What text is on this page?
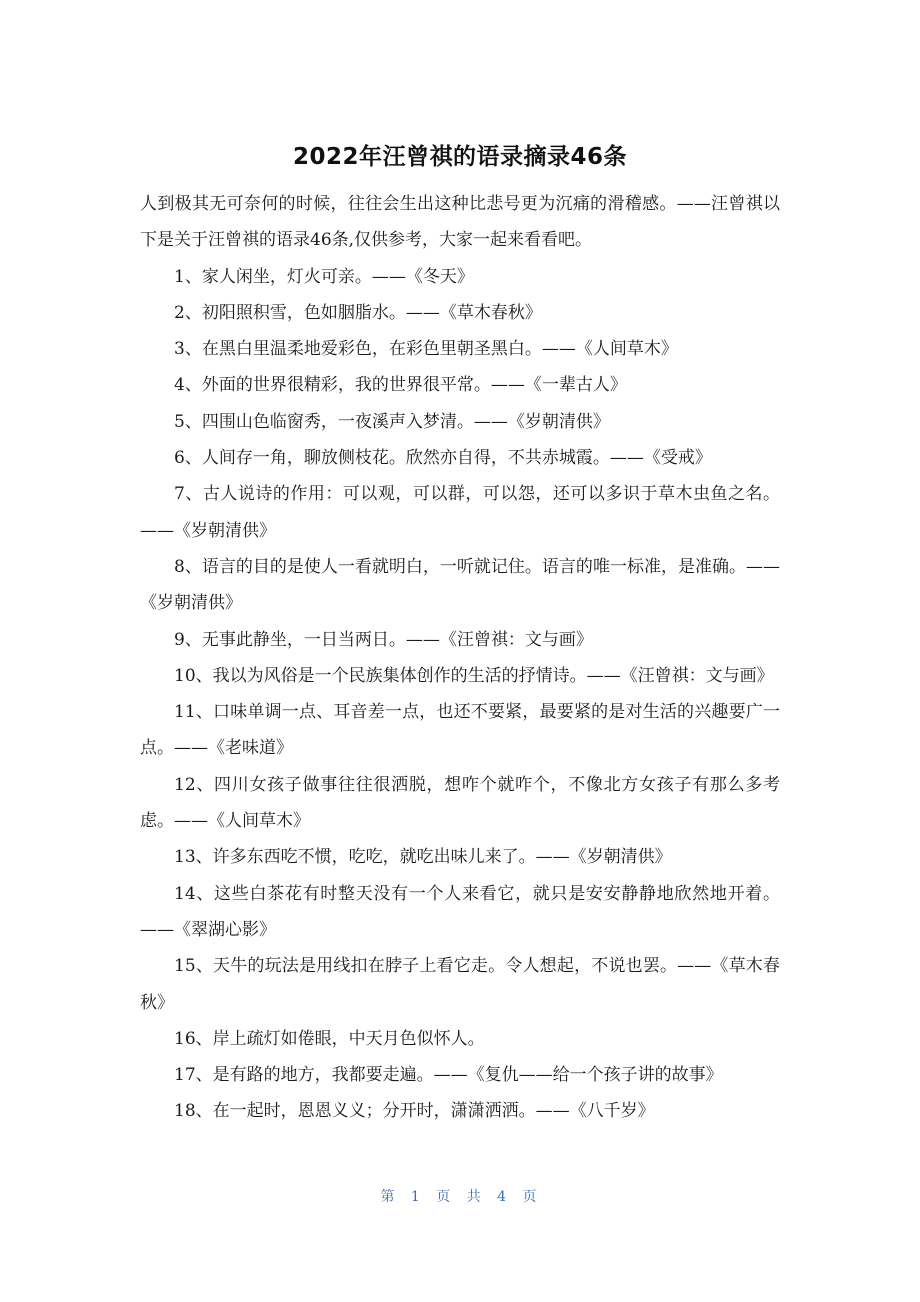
2022年汪曾祺的语录摘录46条

人到极其无可奈何的时候，往往会生出这种比悲号更为沉痛的滑稽感。——汪曾祺以下是关于汪曾祺的语录46条,仅供参考，大家一起来看看吧。

1、家人闲坐，灯火可亲。——《冬天》

2、初阳照积雪，色如胭脂水。——《草木春秋》

3、在黑白里温柔地爱彩色，在彩色里朝圣黑白。——《人间草木》

4、外面的世界很精彩，我的世界很平常。——《一辈古人》

5、四围山色临窗秀，一夜溪声入梦清。——《岁朝清供》

6、人间存一角，聊放侧枝花。欣然亦自得，不共赤城霞。——《受戒》

7、古人说诗的作用：可以观，可以群，可以怨，还可以多识于草木虫鱼之名。——《岁朝清供》

8、语言的目的是使人一看就明白，一听就记住。语言的唯一标准，是准确。——《岁朝清供》

9、无事此静坐，一日当两日。——《汪曾祺：文与画》

10、我以为风俗是一个民族集体创作的生活的抒情诗。——《汪曾祺：文与画》

11、口味单调一点、耳音差一点，也还不要紧，最要紧的是对生活的兴趣要广一点。——《老味道》

12、四川女孩子做事往往很洒脱，想咋个就咋个，不像北方女孩子有那么多考虑。——《人间草木》

13、许多东西吃不惯，吃吃，就吃出味儿来了。——《岁朝清供》

14、这些白茶花有时整天没有一个人来看它，就只是安安静静地欣然地开着。——《翠湖心影》

15、天牛的玩法是用线扣在脖子上看它走。令人想起，不说也罢。——《草木春秋》

16、岸上疏灯如倦眼，中天月色似怀人。

17、是有路的地方，我都要走遍。——《复仇——给一个孩子讲的故事》

18、在一起时，恩恩义义；分开时，潇潇洒洒。——《八千岁》

第 1 页 共 4 页
